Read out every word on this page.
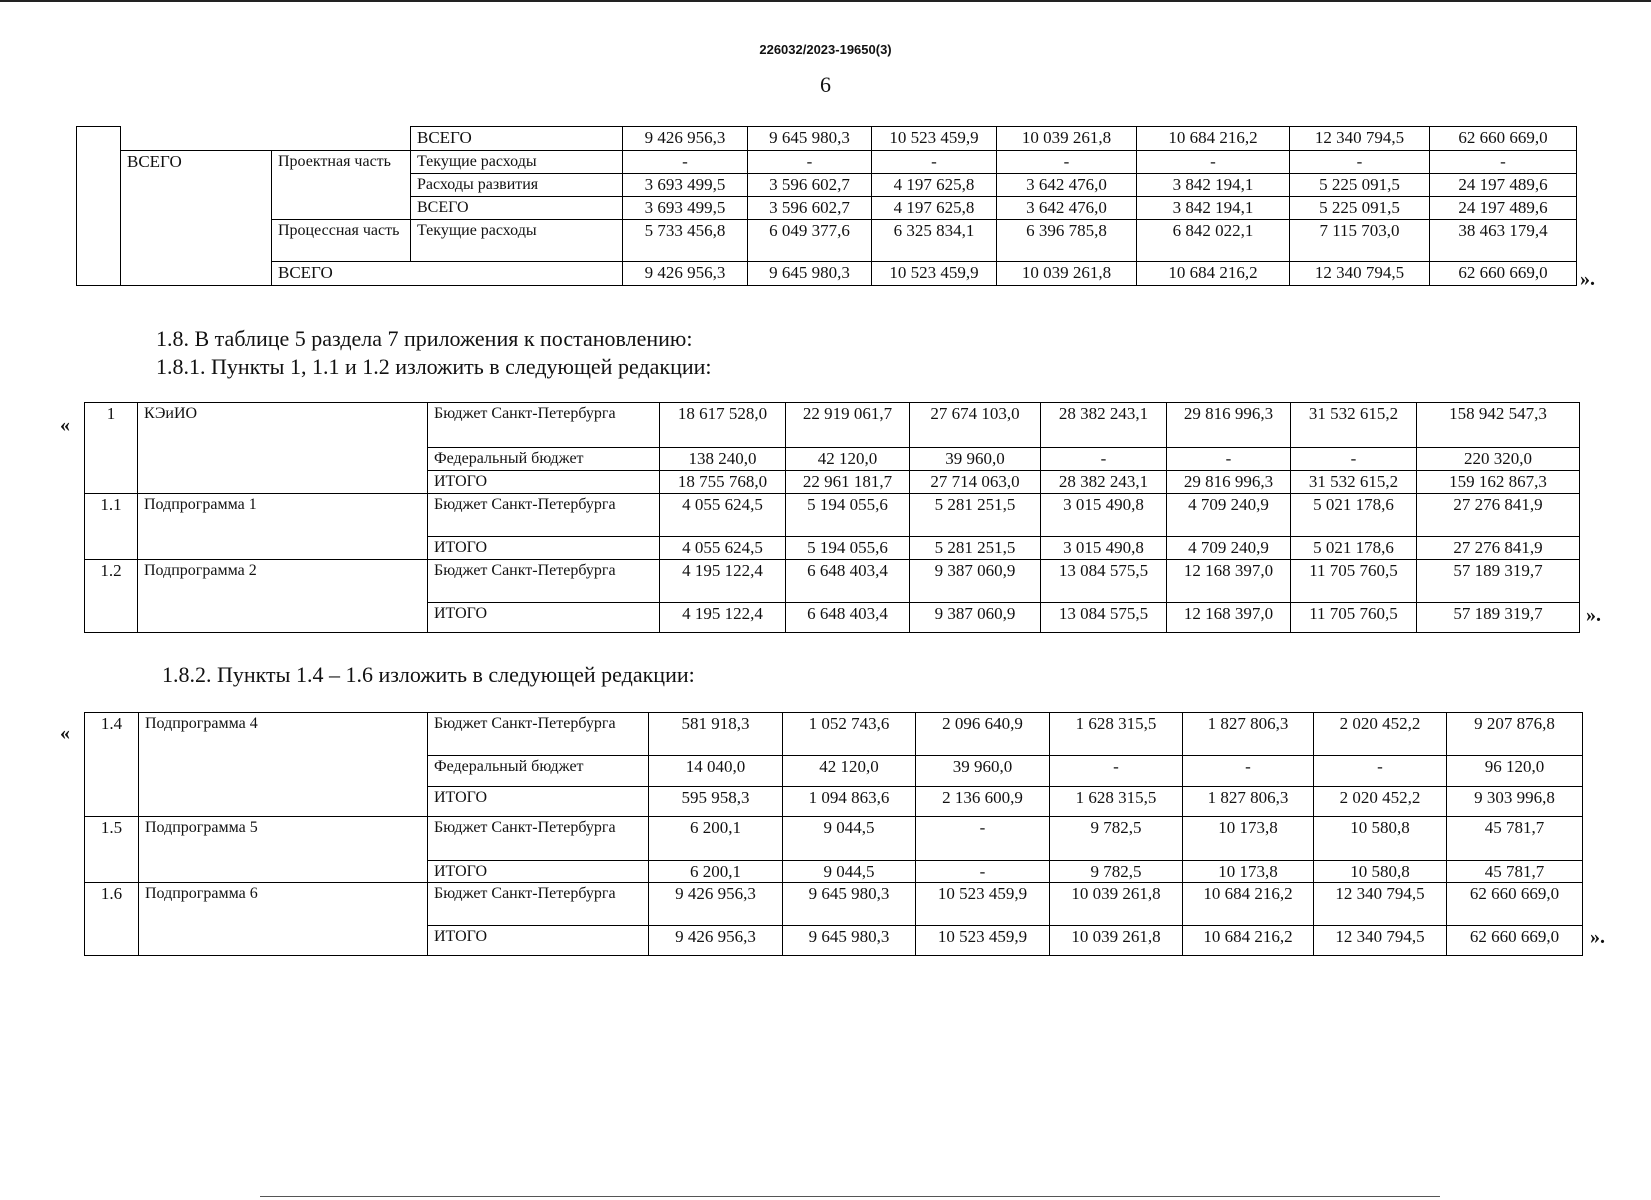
226032/2023-19650(3)
6
			ВСЕГО	9 426 956,3	9 645 980,3	10 523 459,9	10 039 261,8	10 684 216,2	12 340 794,5	62 660 669,0
	ВСЕГО	Проектная часть	Текущие расходы	-	-	-	-	-	-	-
			Расходы развития	3 693 499,5	3 596 602,7	4 197 625,8	3 642 476,0	3 842 194,1	5 225 091,5	24 197 489,6
			ВСЕГО	3 693 499,5	3 596 602,7	4 197 625,8	3 642 476,0	3 842 194,1	5 225 091,5	24 197 489,6
		Процессная часть	Текущие расходы	5 733 456,8	6 049 377,6	6 325 834,1	6 396 785,8	6 842 022,1	7 115 703,0	38 463 179,4
		ВСЕГО		9 426 956,3	9 645 980,3	10 523 459,9	10 039 261,8	10 684 216,2	12 340 794,5	62 660 669,0 ».
1.8. В таблице 5 раздела 7 приложения к постановлению:
1.8.1. Пункты 1, 1.1 и 1.2 изложить в следующей редакции:
«
1	КЭиИО	Бюджет Санкт-Петербурга	18 617 528,0	22 919 061,7	27 674 103,0	28 382 243,1	29 816 996,3	31 532 615,2	158 942 547,3
		Федеральный бюджет	138 240,0	42 120,0	39 960,0	-	-	-	220 320,0
		ИТОГО	18 755 768,0	22 961 181,7	27 714 063,0	28 382 243,1	29 816 996,3	31 532 615,2	159 162 867,3
1.1	Подпрограмма 1	Бюджет Санкт-Петербурга	4 055 624,5	5 194 055,6	5 281 251,5	3 015 490,8	4 709 240,9	5 021 178,6	27 276 841,9
		ИТОГО	4 055 624,5	5 194 055,6	5 281 251,5	3 015 490,8	4 709 240,9	5 021 178,6	27 276 841,9
1.2	Подпрограмма 2	Бюджет Санкт-Петербурга	4 195 122,4	6 648 403,4	9 387 060,9	13 084 575,5	12 168 397,0	11 705 760,5	57 189 319,7
		ИТОГО	4 195 122,4	6 648 403,4	9 387 060,9	13 084 575,5	12 168 397,0	11 705 760,5	57 189 319,7 ».
1.8.2. Пункты 1.4 – 1.6 изложить в следующей редакции:
« 1.4	Подпрограмма 4	Бюджет Санкт-Петербурга	581 918,3	1 052 743,6	2 096 640,9	1 628 315,5	1 827 806,3	2 020 452,2	9 207 876,8
		Федеральный бюджет	14 040,0	42 120,0	39 960,0	-	-	-	96 120,0
		ИТОГО	595 958,3	1 094 863,6	2 136 600,9	1 628 315,5	1 827 806,3	2 020 452,2	9 303 996,8
1.5	Подпрограмма 5	Бюджет Санкт-Петербурга	6 200,1	9 044,5	-	9 782,5	10 173,8	10 580,8	45 781,7
		ИТОГО	6 200,1	9 044,5	-	9 782,5	10 173,8	10 580,8	45 781,7
1.6	Подпрограмма 6	Бюджет Санкт-Петербурга	9 426 956,3	9 645 980,3	10 523 459,9	10 039 261,8	10 684 216,2	12 340 794,5	62 660 669,0
		ИТОГО	9 426 956,3	9 645 980,3	10 523 459,9	10 039 261,8	10 684 216,2	12 340 794,5	62 660 669,0 ».
